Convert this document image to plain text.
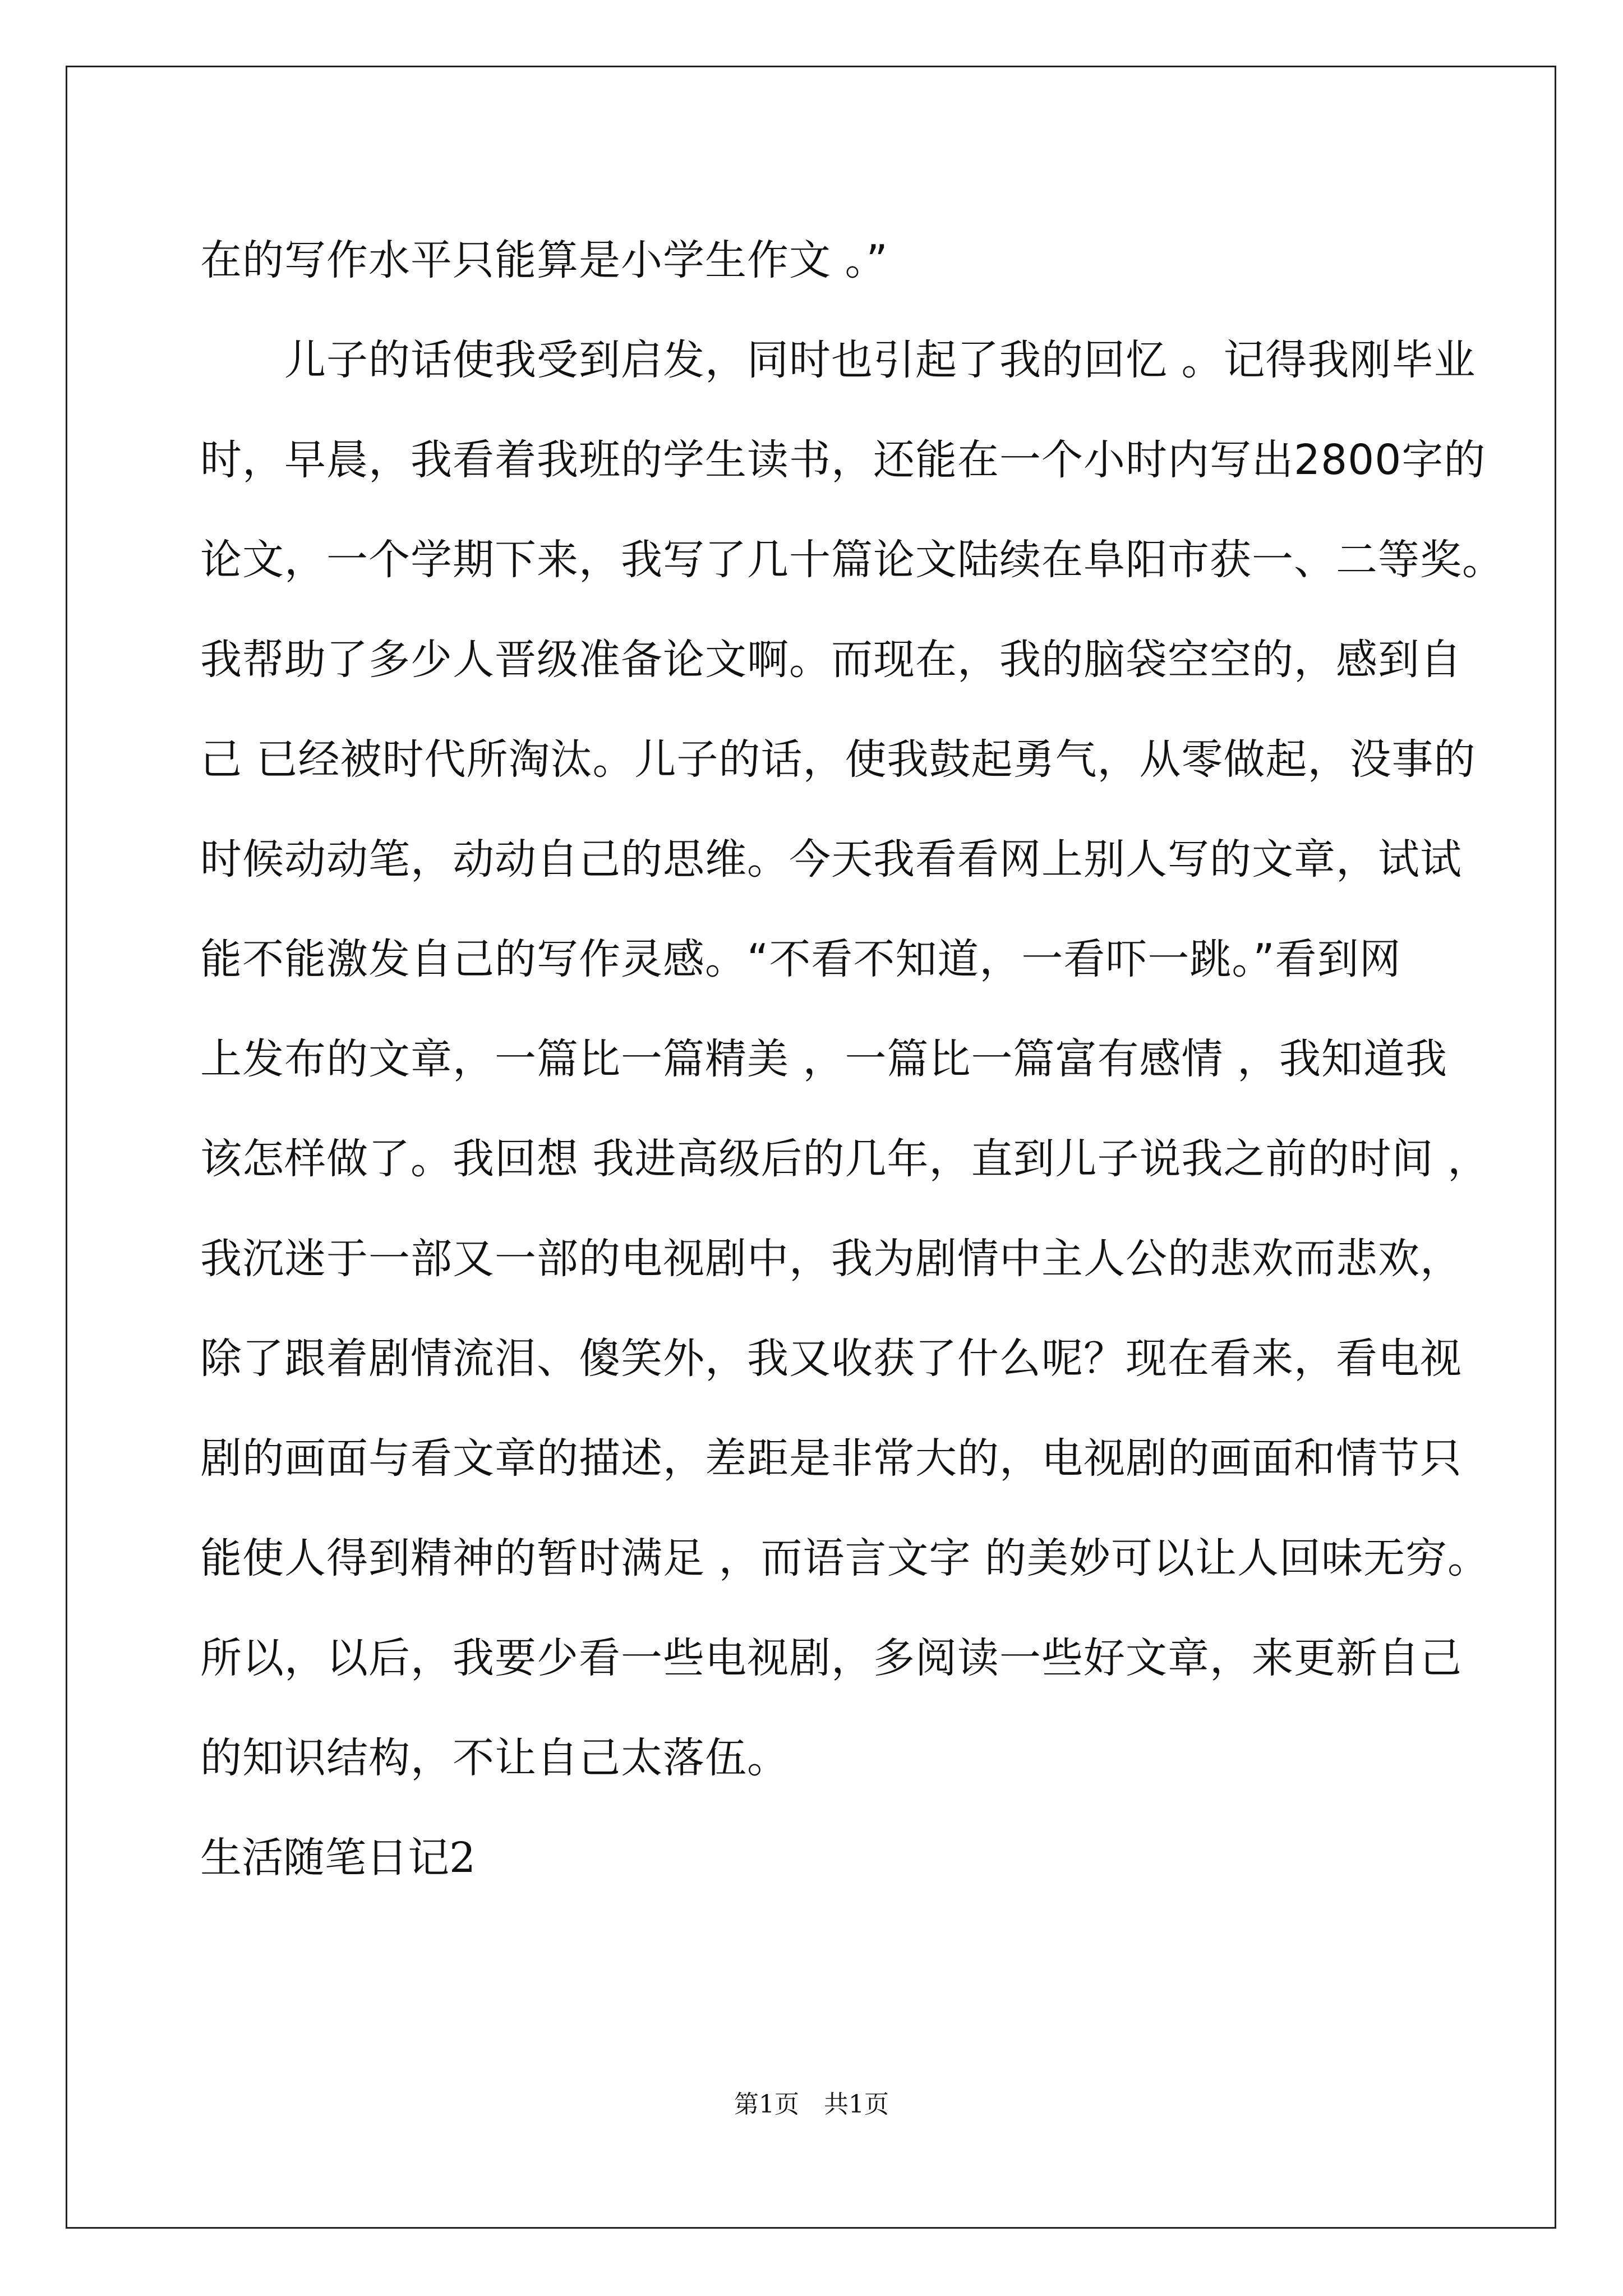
在的写作水平只能算是小学生作文 。”
儿子的话使我受到启发，同时也引起了我的回忆 。记得我刚毕业
时，早晨，我看着我班的学生读书，还能在一个小时内写出2800字的
论文，一个学期下来，我写了几十篇论文陆续在阜阳市获一、二等奖。
我帮助了多少人晋级准备论文啊。而现在，我的脑袋空空的，感到自
己 已经被时代所淘汰。儿子的话，使我鼓起勇气，从零做起，没事的
时候动动笔，动动自己的思维。今天我看看网上别人写的文章，试试
能不能激发自己的写作灵感。“不看不知道，一看吓一跳。”看到网
上发布的文章，一篇比一篇精美 ，一篇比一篇富有感情 ，我知道我
该怎样做了。我回想 我进高级后的几年，直到儿子说我之前的时间 ，
我沉迷于一部又一部的电视剧中，我为剧情中主人公的悲欢而悲欢，
除了跟着剧情流泪、傻笑外，我又收获了什么呢？现在看来，看电视
剧的画面与看文章的描述，差距是非常大的，电视剧的画面和情节只
能使人得到精神的暂时满足 ，而语言文字 的美妙可以让人回味无穷。
所以，以后，我要少看一些电视剧，多阅读一些好文章，来更新自己
的知识结构，不让自己太落伍。
生活随笔日记2
第1页　共1页
